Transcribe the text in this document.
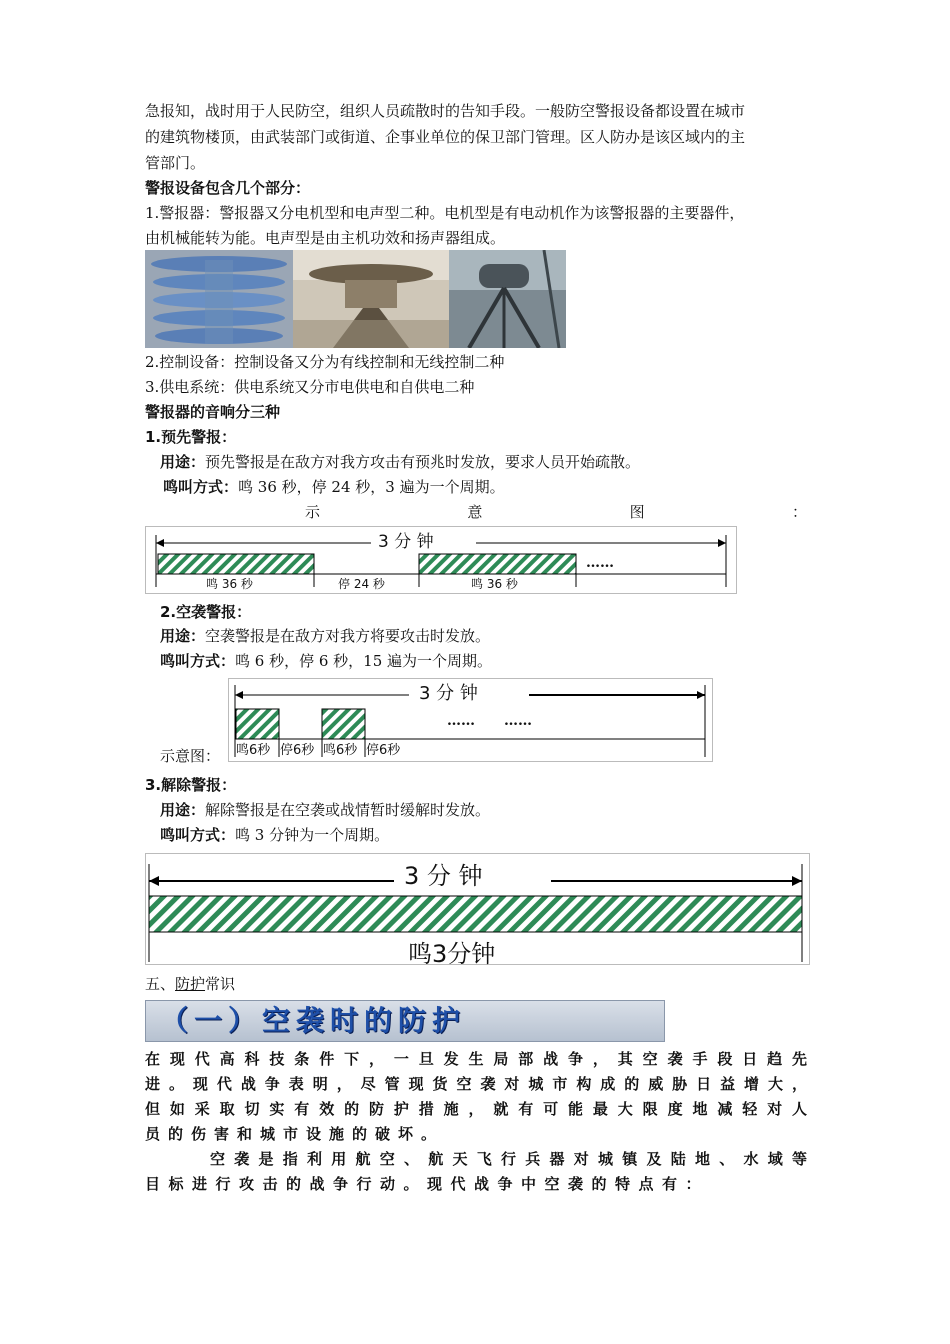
急报知，战时用于人民防空，组织人员疏散时的告知手段。一般防空警报设备都设置在城市
的建筑物楼顶，由武装部门或街道、企事业单位的保卫部门管理。区人防办是该区域内的主
管部门。
警报设备包含几个部分：
1.警报器：警报器又分电机型和电声型二种。电机型是有电动机作为该警报器的主要器件，
由机械能转为能。电声型是由主机功效和扬声器组成。
2.控制设备：控制设备又分为有线控制和无线控制二种
3.供电系统：供电系统又分市电供电和自供电二种
警报器的音响分三种
1.预先警报：
用途：预先警报是在敌方对我方攻击有预兆时发放，要求人员开始疏散。
鸣叫方式：鸣 36 秒，停 24 秒，3 遍为一个周期。
示	意	图	：
3 分 钟
鸣 36 秒	停 24 秒	鸣 36 秒
……
2.空袭警报：
用途：空袭警报是在敌方对我方将要攻击时发放。
鸣叫方式：鸣 6 秒，停 6 秒，15 遍为一个周期。
3 分 钟
…… ……
鸣6秒 停6秒 鸣6秒 停6秒
示意图：
3.解除警报：
用途：解除警报是在空袭或战情暂时缓解时发放。
鸣叫方式：鸣 3 分钟为一个周期。
3 分 钟
鸣3分钟
五、防护常识
（一）空袭时的防护
在现代高科技条件下，一旦发生局部战争，其空袭手段日趋先
进。现代战争表明，尽管现货空袭对城市构成的威胁日益增大，
但如采取切实有效的防护措施，就有可能最大限度地减轻对人
员的伤害和城市设施的破坏。
空袭是指利用航空、航天飞行兵器对城镇及陆地、水域等
目标进行攻击的战争行动。现代战争中空袭的特点有：
